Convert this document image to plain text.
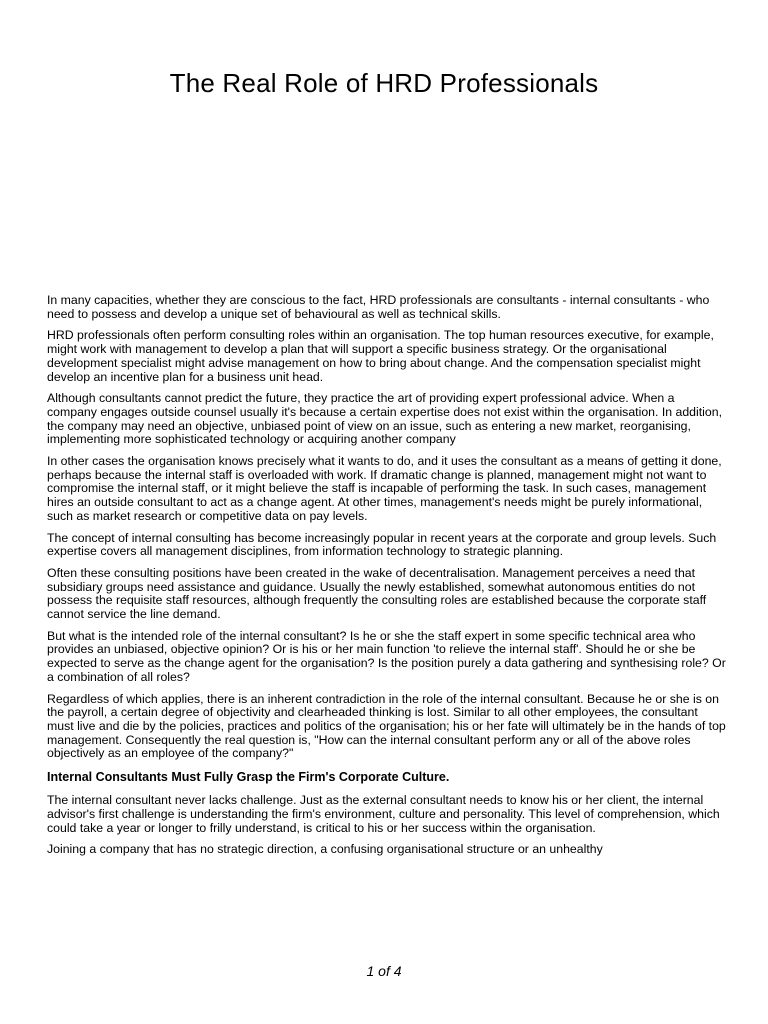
The Real Role of HRD Professionals

In many capacities, whether they are conscious to the fact, HRD professionals are consultants - internal consultants - who need to possess and develop a unique set of behavioural as well as technical skills.

HRD professionals often perform consulting roles within an organisation. The top human resources executive, for example, might work with management to develop a plan that will support a specific business strategy. Or the organisational development specialist might advise management on how to bring about change. And the compensation specialist might develop an incentive plan for a business unit head.

Although consultants cannot predict the future, they practice the art of providing expert professional advice. When a company engages outside counsel usually it's because a certain expertise does not exist within the organisation. In addition, the company may need an objective, unbiased point of view on an issue, such as entering a new market, reorganising, implementing more sophisticated technology or acquiring another company

In other cases the organisation knows precisely what it wants to do, and it uses the consultant as a means of getting it done, perhaps because the internal staff is overloaded with work. If dramatic change is planned, management might not want to compromise the internal staff, or it might believe the staff is incapable of performing the task. In such cases, management hires an outside consultant to act as a change agent. At other times, management's needs might be purely informational, such as market research or competitive data on pay levels.

The concept of internal consulting has become increasingly popular in recent years at the corporate and group levels. Such expertise covers all management disciplines, from information technology to strategic planning.

Often these consulting positions have been created in the wake of decentralisation. Management perceives a need that subsidiary groups need assistance and guidance. Usually the newly established, somewhat autonomous entities do not possess the requisite staff resources, although frequently the consulting roles are established because the corporate staff cannot service the line demand.

But what is the intended role of the internal consultant? Is he or she the staff expert in some specific technical area who provides an unbiased, objective opinion? Or is his or her main function 'to relieve the internal staff'. Should he or she be expected to serve as the change agent for the organisation? Is the position purely a data gathering and synthesising role? Or a combination of all roles?

Regardless of which applies, there is an inherent contradiction in the role of the internal consultant. Because he or she is on the payroll, a certain degree of objectivity and clearheaded thinking is lost. Similar to all other employees, the consultant must live and die by the policies, practices and politics of the organisation; his or her fate will ultimately be in the hands of top management. Consequently the real question is, "How can the internal consultant perform any or all of the above roles objectively as an employee of the company?"

Internal Consultants Must Fully Grasp the Firm's Corporate Culture.

The internal consultant never lacks challenge. Just as the external consultant needs to know his or her client, the internal advisor's first challenge is understanding the firm's environment, culture and personality. This level of comprehension, which could take a year or longer to frilly understand, is critical to his or her success within the organisation.

Joining a company that has no strategic direction, a confusing organisational structure or an unhealthy

1 of 4
